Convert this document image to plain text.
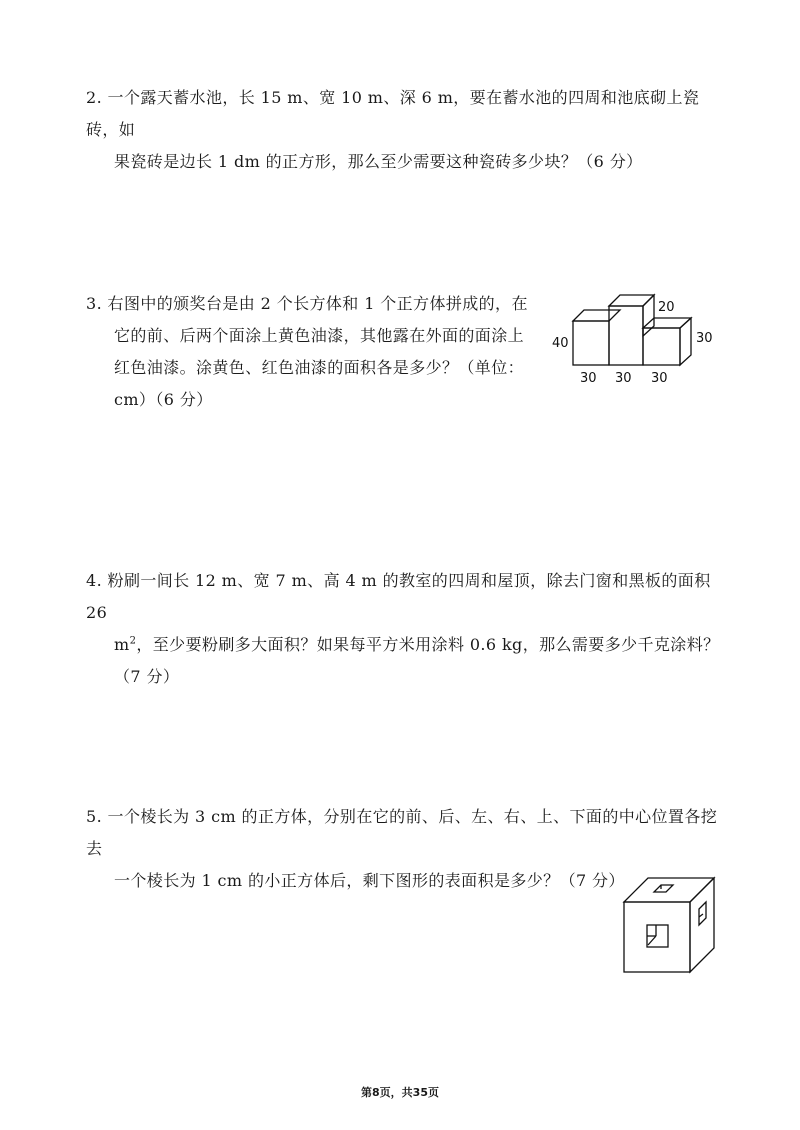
2. 一个露天蓄水池，长 15 m、宽 10 m、深 6 m，要在蓄水池的四周和池底砌上瓷砖，如

果瓷砖是边长 1 dm 的正方形，那么至少需要这种瓷砖多少块？（6 分）

3. 右图中的颁奖台是由 2 个长方体和 1 个正方体拼成的，在

它的前、后两个面涂上黄色油漆，其他露在外面的面涂上

红色油漆。涂黄色、红色油漆的面积各是多少？（单位：

cm）（6 分）

20
30
40
30 30 30

4. 粉刷一间长 12 m、宽 7 m、高 4 m 的教室的四周和屋顶，除去门窗和黑板的面积 26

$m^2$，至少要粉刷多大面积？如果每平方米用涂料 0.6 kg，那么需要多少千克涂料？

（7 分）

5. 一个棱长为 3 cm 的正方体，分别在它的前、后、左、右、上、下面的中心位置各挖去

一个棱长为 1 cm 的小正方体后，剩下图形的表面积是多少？（7 分）

第8页，共35页
